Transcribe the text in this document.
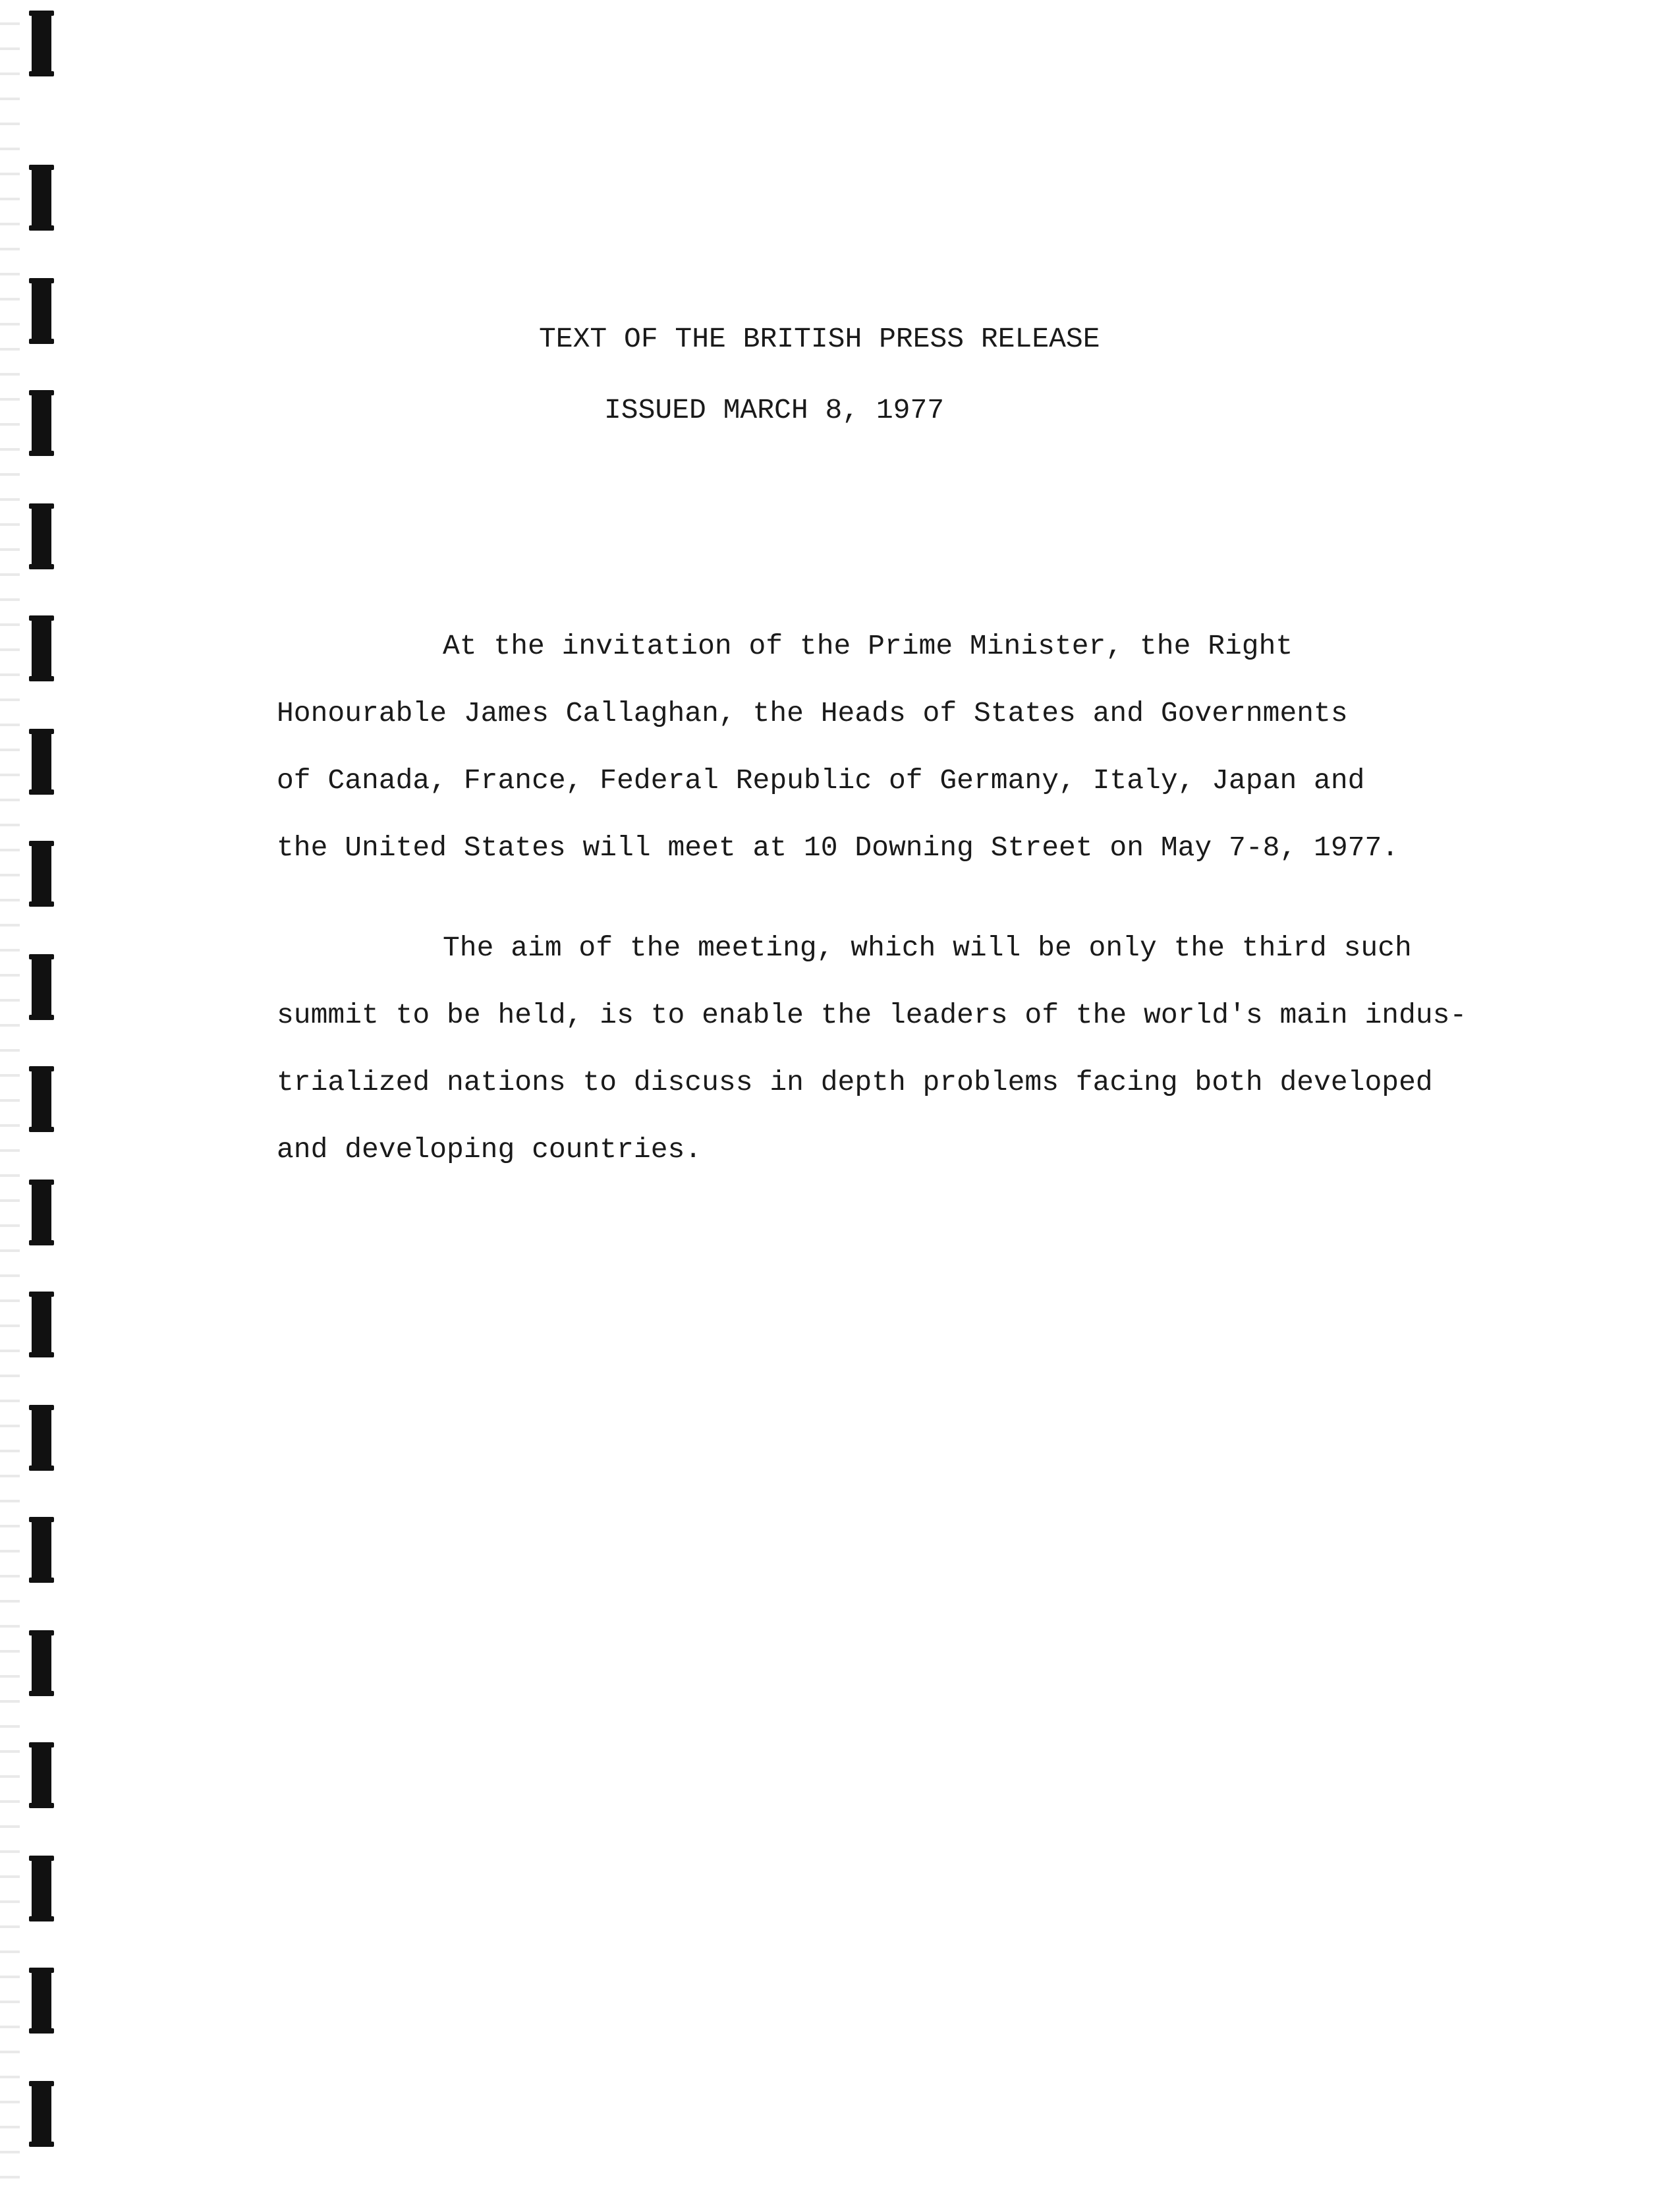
TEXT OF THE BRITISH PRESS RELEASE
ISSUED MARCH 8, 1977
At the invitation of the Prime Minister, the Right
Honourable James Callaghan, the Heads of States and Governments
of Canada, France, Federal Republic of Germany, Italy, Japan and
the United States will meet at 10 Downing Street on May 7-8, 1977.
The aim of the meeting, which will be only the third such
summit to be held, is to enable the leaders of the world's main indus-
trialized nations to discuss in depth problems facing both developed
and developing countries.
